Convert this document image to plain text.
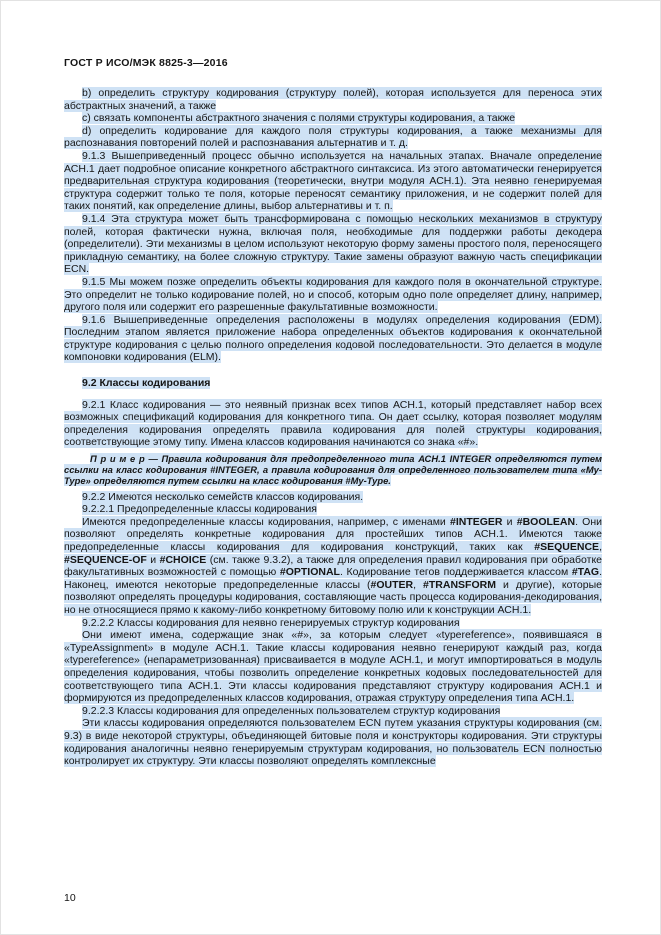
ГОСТ Р ИСО/МЭК 8825-3—2016
b) определить структуру кодирования (структуру полей), которая используется для переноса этих абстрактных значений, а также
c) связать компоненты абстрактного значения с полями структуры кодирования, а также
d) определить кодирование для каждого поля структуры кодирования, а также механизмы для распознавания повторений полей и распознавания альтернатив и т. д.
9.1.3 Вышеприведенный процесс обычно используется на начальных этапах. Вначале определение АСН.1 дает подробное описание конкретного абстрактного синтаксиса. Из этого автоматически генерируется предварительная структура кодирования (теоретически, внутри модуля АСН.1). Эта неявно генерируемая структура содержит только те поля, которые переносят семантику приложения, и не содержит полей для таких понятий, как определение длины, выбор альтернативы и т. п.
9.1.4 Эта структура может быть трансформирована с помощью нескольких механизмов в структуру полей, которая фактически нужна, включая поля, необходимые для поддержки работы декодера (определители). Эти механизмы в целом используют некоторую форму замены простого поля, переносящего прикладную семантику, на более сложную структуру. Такие замены образуют важную часть спецификации ECN.
9.1.5 Мы можем позже определить объекты кодирования для каждого поля в окончательной структуре. Это определит не только кодирование полей, но и способ, которым одно поле определяет длину, например, другого поля или содержит его разрешенные факультативные возможности.
9.1.6 Вышеприведенные определения расположены в модулях определения кодирования (EDM). Последним этапом является приложение набора определенных объектов кодирования к окончательной структуре кодирования с целью полного определения кодовой последовательности. Это делается в модуле компоновки кодирования (ELM).
9.2 Классы кодирования
9.2.1 Класс кодирования — это неявный признак всех типов АСН.1, который представляет набор всех возможных спецификаций кодирования для конкретного типа. Он дает ссылку, которая позволяет модулям определения кодирования определять правила кодирования для полей структуры кодирования, соответствующие этому типу. Имена классов кодирования начинаются со знака «#».
П р и м е р — Правила кодирования для предопределенного типа АСН.1 INTEGER определяются путем ссылки на класс кодирования #INTEGER, а правила кодирования для определенного пользователем типа «My-Type» определяются путем ссылки на класс кодирования #My-Type.
9.2.2 Имеются несколько семейств классов кодирования.
9.2.2.1 Предопределенные классы кодирования
Имеются предопределенные классы кодирования, например, с именами #INTEGER и #BOOLEAN. Они позволяют определять конкретные кодирования для простейших типов АСН.1. Имеются также предопределенные классы кодирования для кодирования конструкций, таких как #SEQUENCE, #SEQUENCE-OF и #CHOICE (см. также 9.3.2), а также для определения правил кодирования при обработке факультативных возможностей с помощью #OPTIONAL. Кодирование тегов поддерживается классом #TAG. Наконец, имеются некоторые предопределенные классы (#OUTER, #TRANSFORM и другие), которые позволяют определять процедуры кодирования, составляющие часть процесса кодирования-декодирования, но не относящиеся прямо к какому-либо конкретному битовому полю или к конструкции АСН.1.
9.2.2.2 Классы кодирования для неявно генерируемых структур кодирования
Они имеют имена, содержащие знак «#», за которым следует «typereference», появившаяся в «TypeAssignment» в модуле АСН.1. Такие классы кодирования неявно генерируют каждый раз, когда «typereference» (непараметризованная) присваивается в модуле АСН.1, и могут импортироваться в модуль определения кодирования, чтобы позволить определение конкретных кодовых последовательностей для соответствующего типа АСН.1. Эти классы кодирования представляют структуру кодирования АСН.1 и формируются из предопределенных классов кодирования, отражая структуру определения типа АСН.1.
9.2.2.3 Классы кодирования для определенных пользователем структур кодирования
Эти классы кодирования определяются пользователем ECN путем указания структуры кодирования (см. 9.3) в виде некоторой структуры, объединяющей битовые поля и конструкторы кодирования. Эти структуры кодирования аналогичны неявно генерируемым структурам кодирования, но пользователь ECN полностью контролирует их структуру. Эти классы позволяют определять комплексные
10
